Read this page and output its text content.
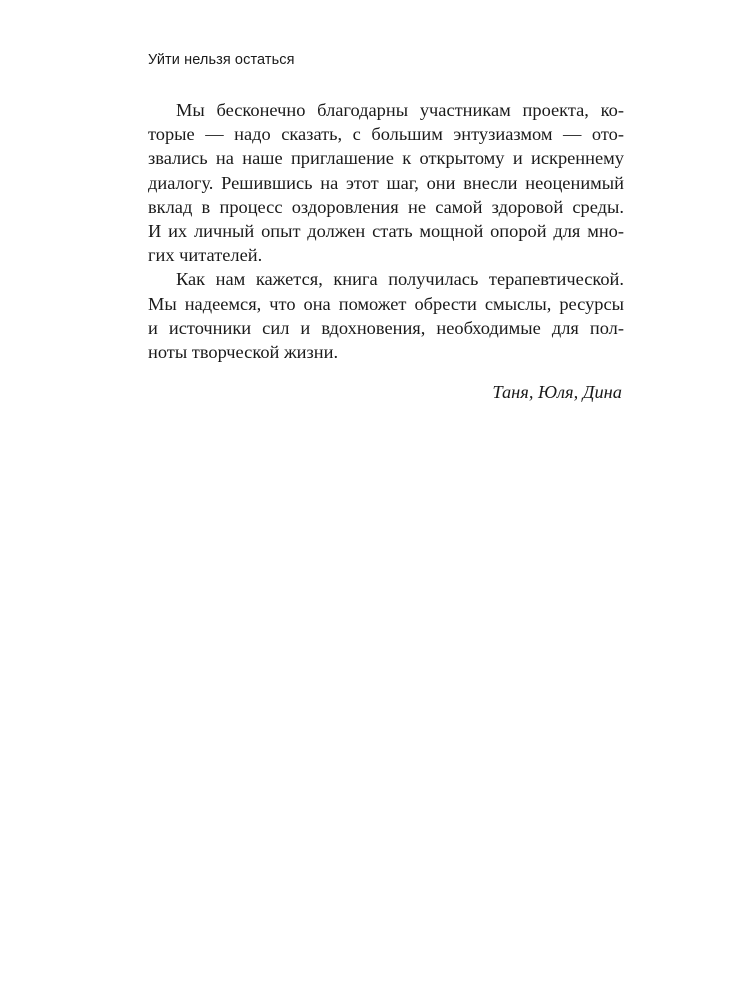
Уйти нельзя остаться
Мы бесконечно благодарны участникам проекта, ко-
торые — надо сказать, с большим энтузиазмом — ото-
звались на наше приглашение к открытому и искреннему
диалогу. Решившись на этот шаг, они внесли неоценимый
вклад в процесс оздоровления не самой здоровой среды.
И их личный опыт должен стать мощной опорой для мно-
гих читателей.
Как нам кажется, книга получилась терапевтической.
Мы надеемся, что она поможет обрести смыслы, ресурсы
и источники сил и вдохновения, необходимые для пол-
ноты творческой жизни.
Таня, Юля, Дина
